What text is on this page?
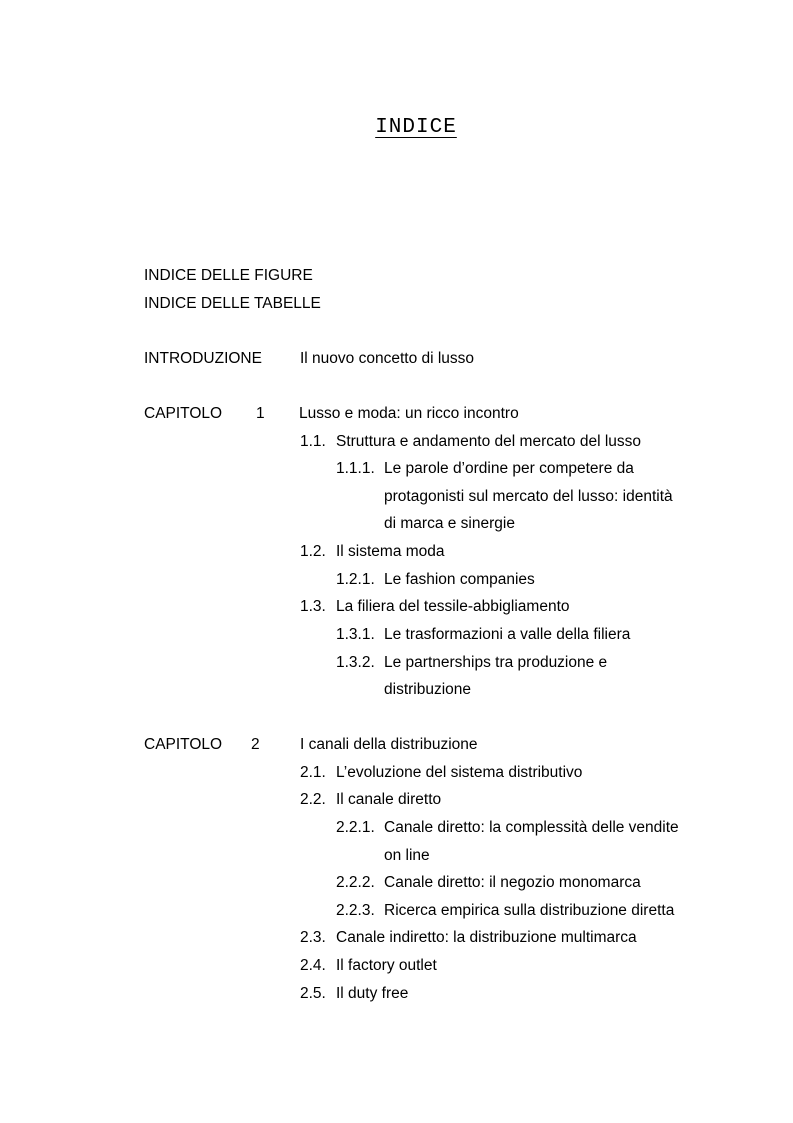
INDICE
INDICE DELLE FIGURE
INDICE DELLE TABELLE
INTRODUZIONE Il nuovo concetto di lusso
CAPITOLO 1 Lusso e moda: un ricco incontro
1.1. Struttura e andamento del mercato del lusso
1.1.1. Le parole d’ordine per competere da
protagonisti sul mercato del lusso: identità
di marca e sinergie
1.2. Il sistema moda
1.2.1. Le fashion companies
1.3. La filiera del tessile-abbigliamento
1.3.1. Le trasformazioni a valle della filiera
1.3.2. Le partnerships tra produzione e
distribuzione
CAPITOLO 2	I canali della distribuzione
2.1. L’evoluzione del sistema distributivo
2.2. Il canale diretto
2.2.1. Canale diretto: la complessità delle vendite
on line
2.2.2. Canale diretto: il negozio monomarca
2.2.3. Ricerca empirica sulla distribuzione diretta
2.3. Canale indiretto: la distribuzione multimarca
2.4. Il factory outlet
2.5. Il duty free
